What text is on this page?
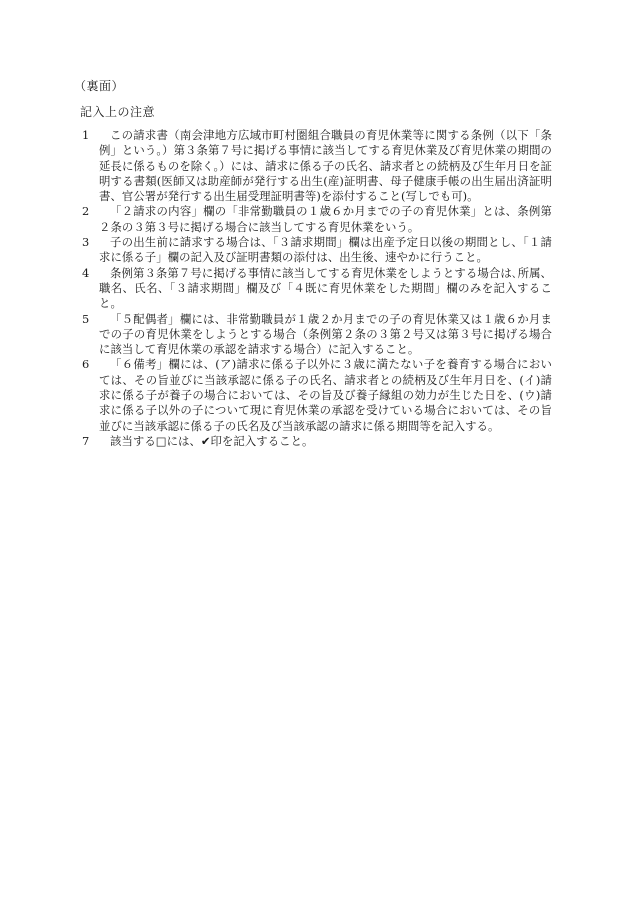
（裏面）
記入上の注意
1	この請求書（南会津地方広域市町村圏組合職員の育児休業等に関する条例（以下「条例」という。）第３条第７号に掲げる事情に該当してする育児休業及び育児休業の期間の延長に係るものを除く。）には、請求に係る子の氏名、請求者との続柄及び生年月日を証明する書類(医師又は助産師が発行する出生(産)証明書、母子健康手帳の出生届出済証明書、官公署が発行する出生届受理証明書等)を添付すること(写しでも可)。
2	「２請求の内容」欄の「非常勤職員の１歳６か月までの子の育児休業」とは、条例第２条の３第３号に掲げる場合に該当してする育児休業をいう。
3	子の出生前に請求する場合は、「３請求期間」欄は出産予定日以後の期間とし、「１請求に係る子」欄の記入及び証明書類の添付は、出生後、速やかに行うこと。
4	条例第３条第７号に掲げる事情に該当してする育児休業をしようとする場合は､所属、職名、氏名、「３請求期間」欄及び「４既に育児休業をした期間」欄のみを記入すること。
5	「５配偶者」欄には、非常勤職員が１歳２か月までの子の育児休業又は１歳６か月までの子の育児休業をしようとする場合（条例第２条の３第２号又は第３号に掲げる場合に該当して育児休業の承認を請求する場合）に記入すること。
6	「６備考」欄には、(ア)請求に係る子以外に３歳に満たない子を養育する場合においては、その旨並びに当該承認に係る子の氏名、請求者との続柄及び生年月日を、(イ)請求に係る子が養子の場合においては、その旨及び養子縁組の効力が生じた日を、(ウ)請求に係る子以外の子について現に育児休業の承認を受けている場合においては、その旨並びに当該承認に係る子の氏名及び当該承認の請求に係る期間等を記入する。
7	該当する□には、✔印を記入すること。
